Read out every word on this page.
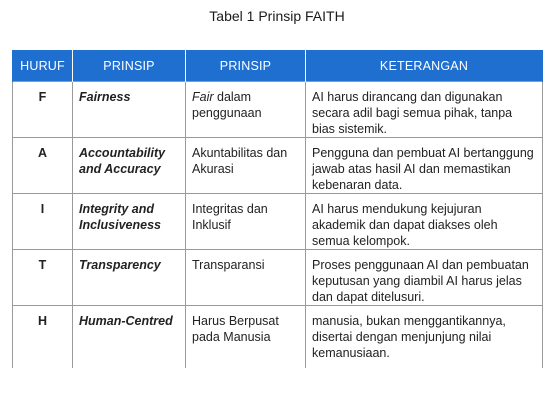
Tabel 1 Prinsip FAITH
HURUF	PRINSIP	PRINSIP	KETERANGAN
F	Fairness	Fair dalam penggunaan	AI harus dirancang dan digunakan secara adil bagi semua pihak, tanpa bias sistemik.
A	Accountability and Accuracy	Akuntabilitas dan Akurasi	Pengguna dan pembuat AI bertanggung jawab atas hasil AI dan memastikan kebenaran data.
I	Integrity and Inclusiveness	Integritas dan Inklusif	AI harus mendukung kejujuran akademik dan dapat diakses oleh semua kelompok.
T	Transparency	Transparansi	Proses penggunaan AI dan pembuatan keputusan yang diambil AI harus jelas dan dapat ditelusuri.
H	Human-Centred	Harus Berpusat pada Manusia	manusia, bukan menggantikannya, disertai dengan menjunjung nilai kemanusiaan.
